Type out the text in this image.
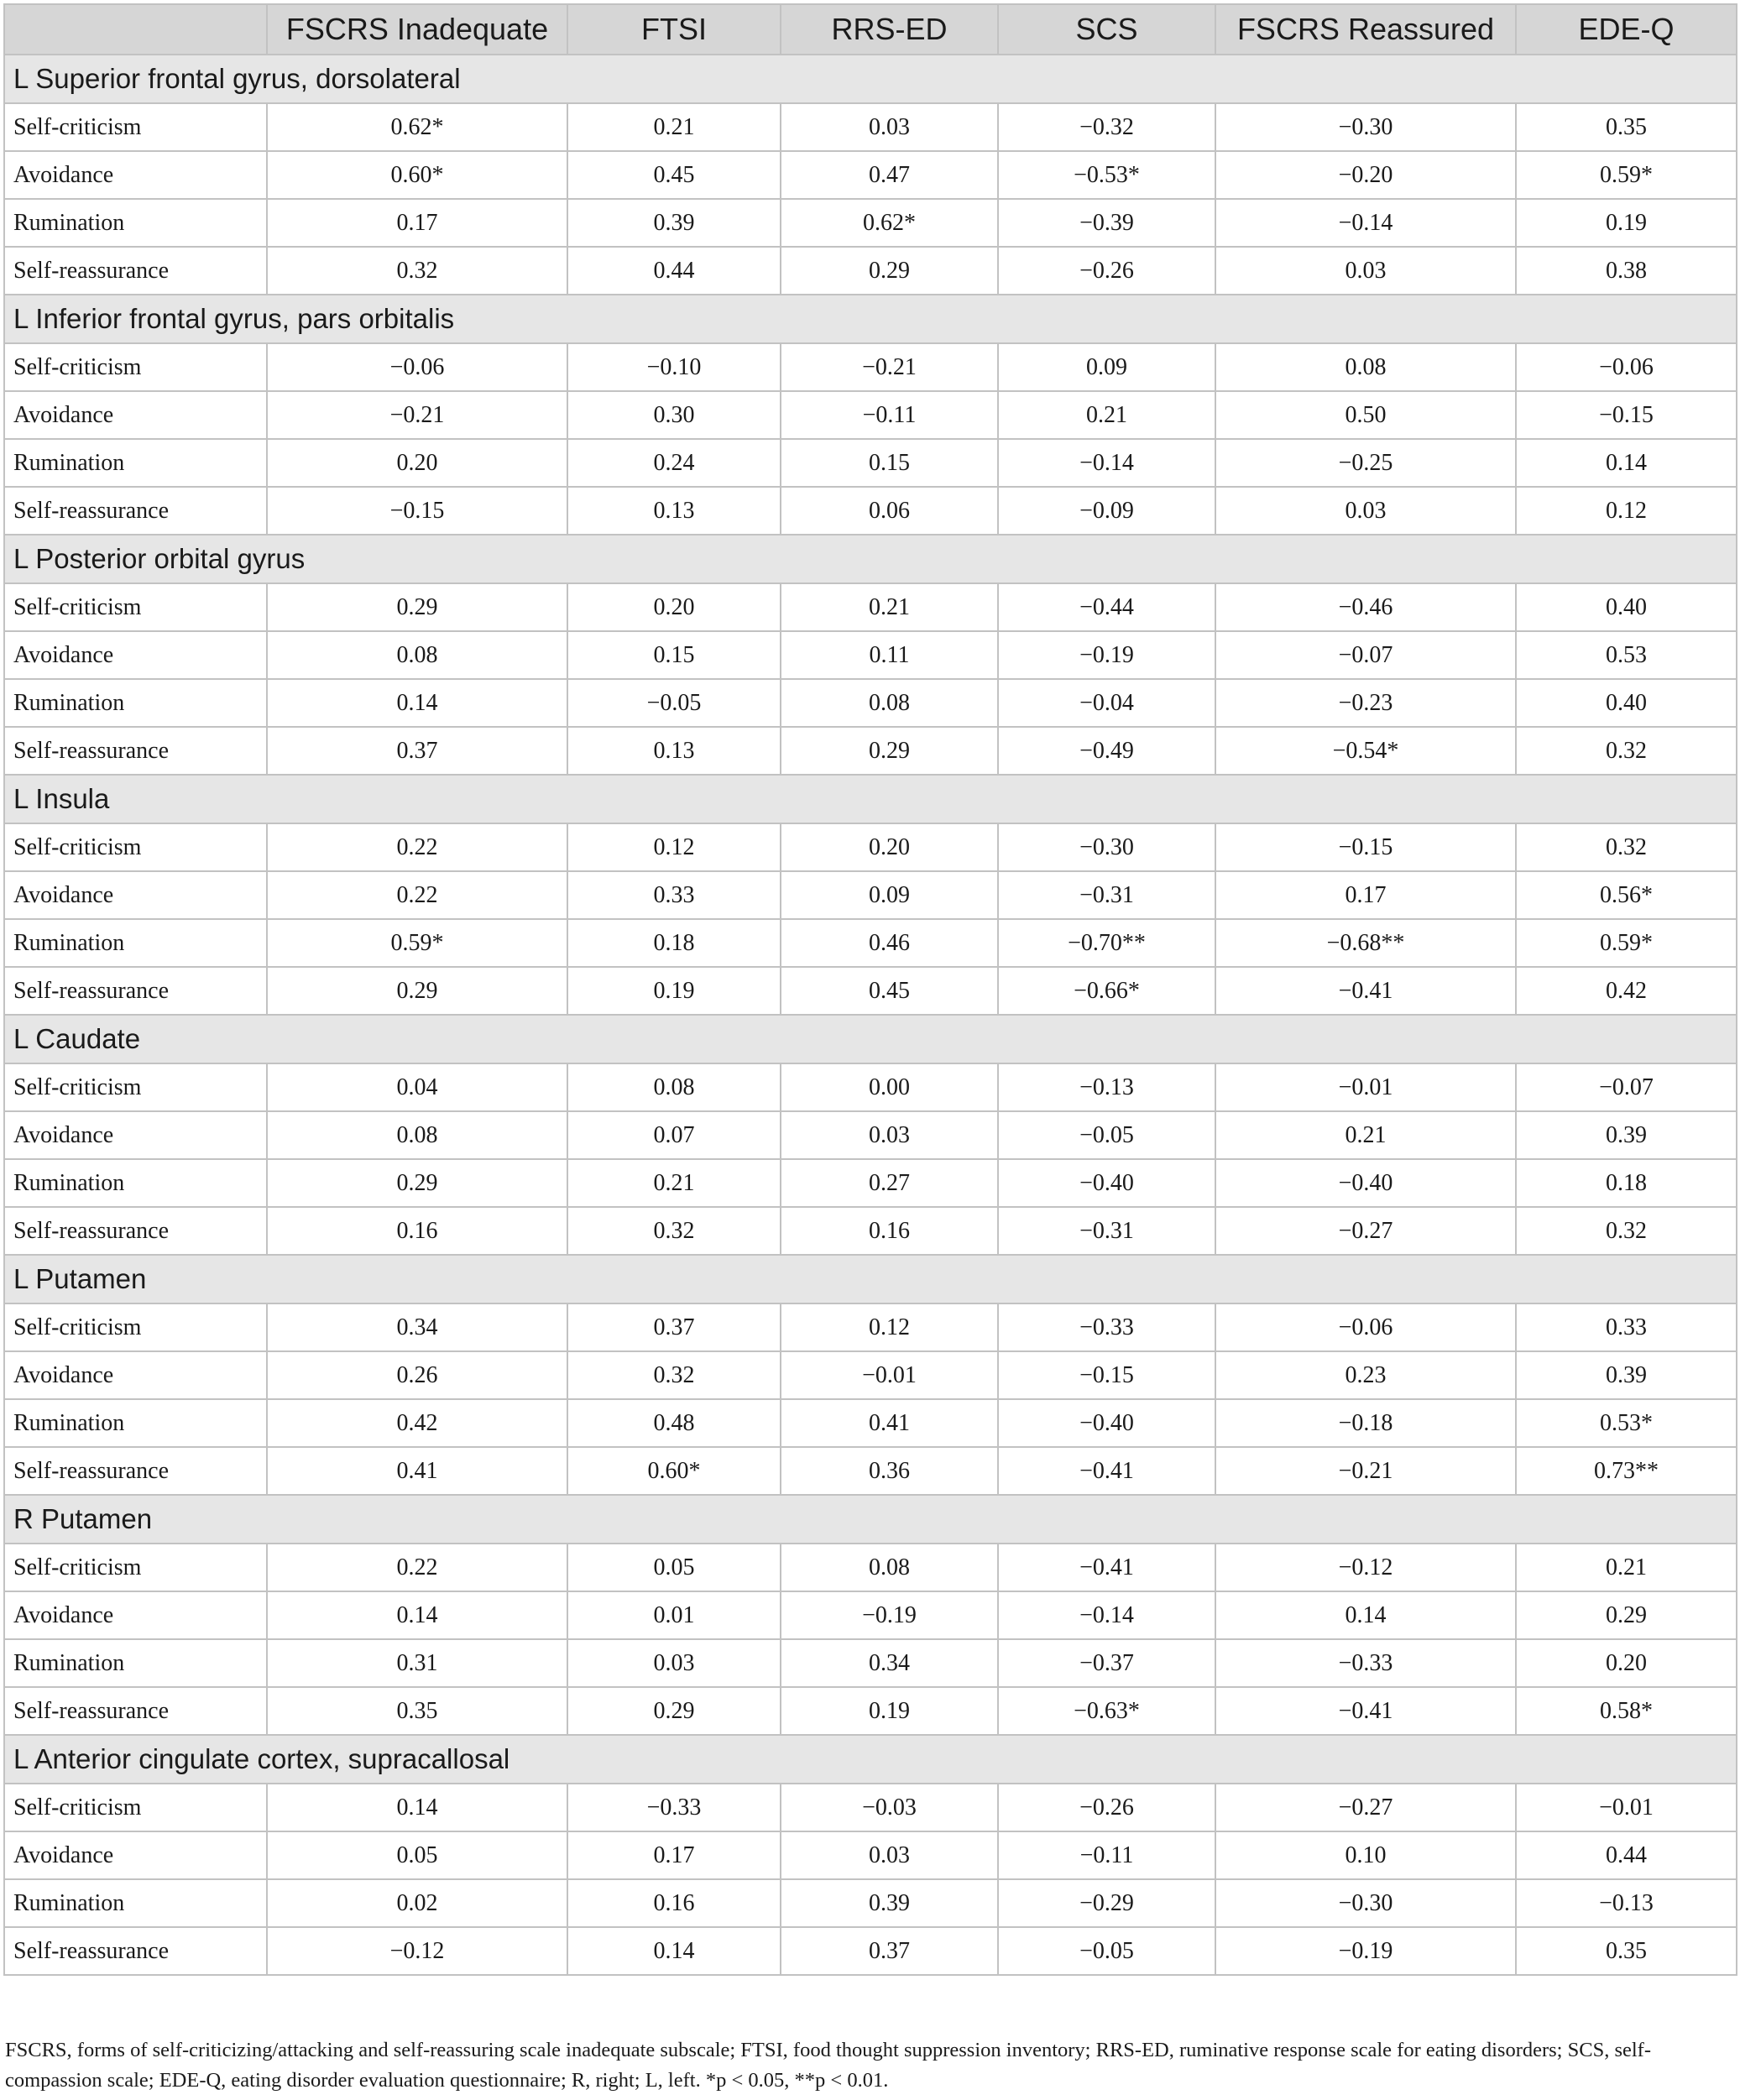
	FSCRS Inadequate	FTSI	RRS-ED	SCS	FSCRS Reassured	EDE-Q
L Superior frontal gyrus, dorsolateral						
Self-criticism	0.62*	0.21	0.03	−0.32	−0.30	0.35
Avoidance	0.60*	0.45	0.47	−0.53*	−0.20	0.59*
Rumination	0.17	0.39	0.62*	−0.39	−0.14	0.19
Self-reassurance	0.32	0.44	0.29	−0.26	0.03	0.38
L Inferior frontal gyrus, pars orbitalis						
Self-criticism	−0.06	−0.10	−0.21	0.09	0.08	−0.06
Avoidance	−0.21	0.30	−0.11	0.21	0.50	−0.15
Rumination	0.20	0.24	0.15	−0.14	−0.25	0.14
Self-reassurance	−0.15	0.13	0.06	−0.09	0.03	0.12
L Posterior orbital gyrus						
Self-criticism	0.29	0.20	0.21	−0.44	−0.46	0.40
Avoidance	0.08	0.15	0.11	−0.19	−0.07	0.53
Rumination	0.14	−0.05	0.08	−0.04	−0.23	0.40
Self-reassurance	0.37	0.13	0.29	−0.49	−0.54*	0.32
L Insula						
Self-criticism	0.22	0.12	0.20	−0.30	−0.15	0.32
Avoidance	0.22	0.33	0.09	−0.31	0.17	0.56*
Rumination	0.59*	0.18	0.46	−0.70**	−0.68**	0.59*
Self-reassurance	0.29	0.19	0.45	−0.66*	−0.41	0.42
L Caudate						
Self-criticism	0.04	0.08	0.00	−0.13	−0.01	−0.07
Avoidance	0.08	0.07	0.03	−0.05	0.21	0.39
Rumination	0.29	0.21	0.27	−0.40	−0.40	0.18
Self-reassurance	0.16	0.32	0.16	−0.31	−0.27	0.32
L Putamen						
Self-criticism	0.34	0.37	0.12	−0.33	−0.06	0.33
Avoidance	0.26	0.32	−0.01	−0.15	0.23	0.39
Rumination	0.42	0.48	0.41	−0.40	−0.18	0.53*
Self-reassurance	0.41	0.60*	0.36	−0.41	−0.21	0.73**
R Putamen						
Self-criticism	0.22	0.05	0.08	−0.41	−0.12	0.21
Avoidance	0.14	0.01	−0.19	−0.14	0.14	0.29
Rumination	0.31	0.03	0.34	−0.37	−0.33	0.20
Self-reassurance	0.35	0.29	0.19	−0.63*	−0.41	0.58*
L Anterior cingulate cortex, supracallosal						
Self-criticism	0.14	−0.33	−0.03	−0.26	−0.27	−0.01
Avoidance	0.05	0.17	0.03	−0.11	0.10	0.44
Rumination	0.02	0.16	0.39	−0.29	−0.30	−0.13
Self-reassurance	−0.12	0.14	0.37	−0.05	−0.19	0.35
FSCRS, forms of self-criticizing/attacking and self-reassuring scale inadequate subscale; FTSI, food thought suppression inventory; RRS-ED, ruminative response scale for eating disorders; SCS, self-compassion scale; EDE-Q, eating disorder evaluation questionnaire; R, right; L, left. *p < 0.05, **p < 0.01.
